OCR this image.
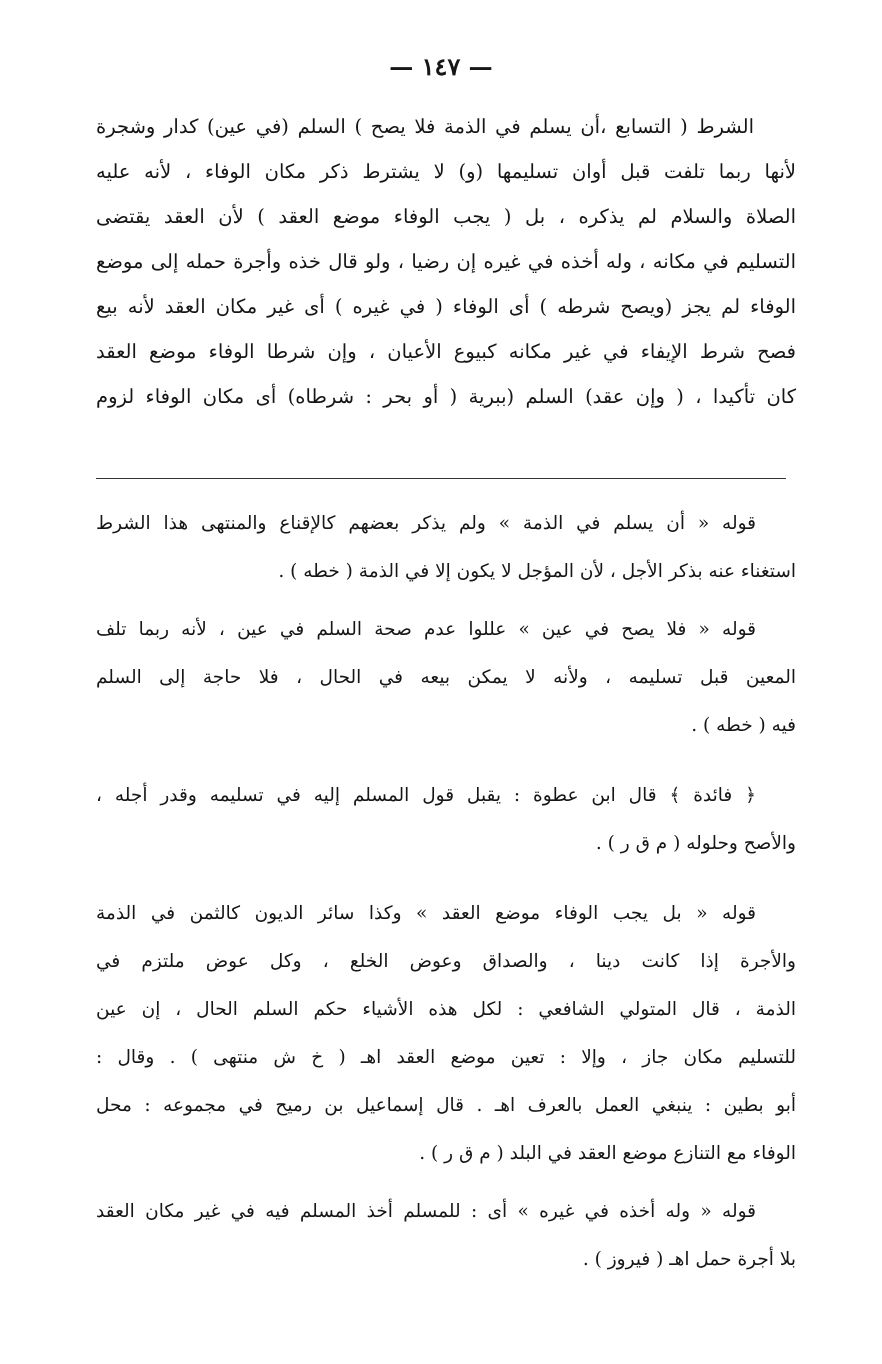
— ١٤٧ —
الشرط ( التسابع ،أن يسلم في الذمة فلا يصح ) السلم (في عين) كدار وشجرة
لأنها ربما تلفت قبل أوان تسليمها (و) لا يشترط ذكر مكان الوفاء ، لأنه عليه
الصلاة والسلام لم يذكره ، بل ( يجب الوفاء موضع العقد ) لأن العقد يقتضى
التسليم في مكانه ، وله أخذه في غيره إن رضيا ، ولو قال خذه وأجرة حمله إلى موضع
الوفاء لم يجز (ويصح شرطه ) أى الوفاء ( في غيره ) أى غير مكان العقد لأنه بيع
فصح شرط الإيفاء في غير مكانه كبيوع الأعيان ، وإن شرطا الوفاء موضع العقد
كان تأكيدا ، ( وإن عقد) السلم (ببرية ( أو بحر : شرطاه) أى مكان الوفاء لزوم
قوله « أن يسلم في الذمة » ولم يذكر بعضهم كالإقناع والمنتهى هذا الشرط
استغناء عنه بذكر الأجل ، لأن المؤجل لا يكون إلا في الذمة ( خطه ) .
قوله « فلا يصح في عين » عللوا عدم صحة السلم في عين ، لأنه ربما تلف
المعين قبل تسليمه ، ولأنه لا يمكن بيعه في الحال ، فلا حاجة إلى السلم
فيه ( خطه ) .
﴿ فائدة ﴾ قال ابن عطوة : يقبل قول المسلم إليه في تسليمه وقدر أجله ،
والأصح وحلوله ( م ق ر ) .
قوله « بل يجب الوفاء موضع العقد » وكذا سائر الديون كالثمن في الذمة
والأجرة إذا كانت دينا ، والصداق وعوض الخلع ، وكل عوض ملتزم في
الذمة ، قال المتولي الشافعي : لكل هذه الأشياء حكم السلم الحال ، إن عين
للتسليم مكان جاز ، وإلا : تعين موضع العقد اهـ ( خ ش منتهى ) . وقال :
أبو بطين : ينبغي العمل بالعرف اهـ . قال إسماعيل بن رميح في مجموعه : محل
الوفاء مع التنازع موضع العقد في البلد ( م ق ر ) .
قوله « وله أخذه في غيره » أى : للمسلم أخذ المسلم فيه في غير مكان العقد
بلا أجرة حمل اهـ ( فيروز ) .
